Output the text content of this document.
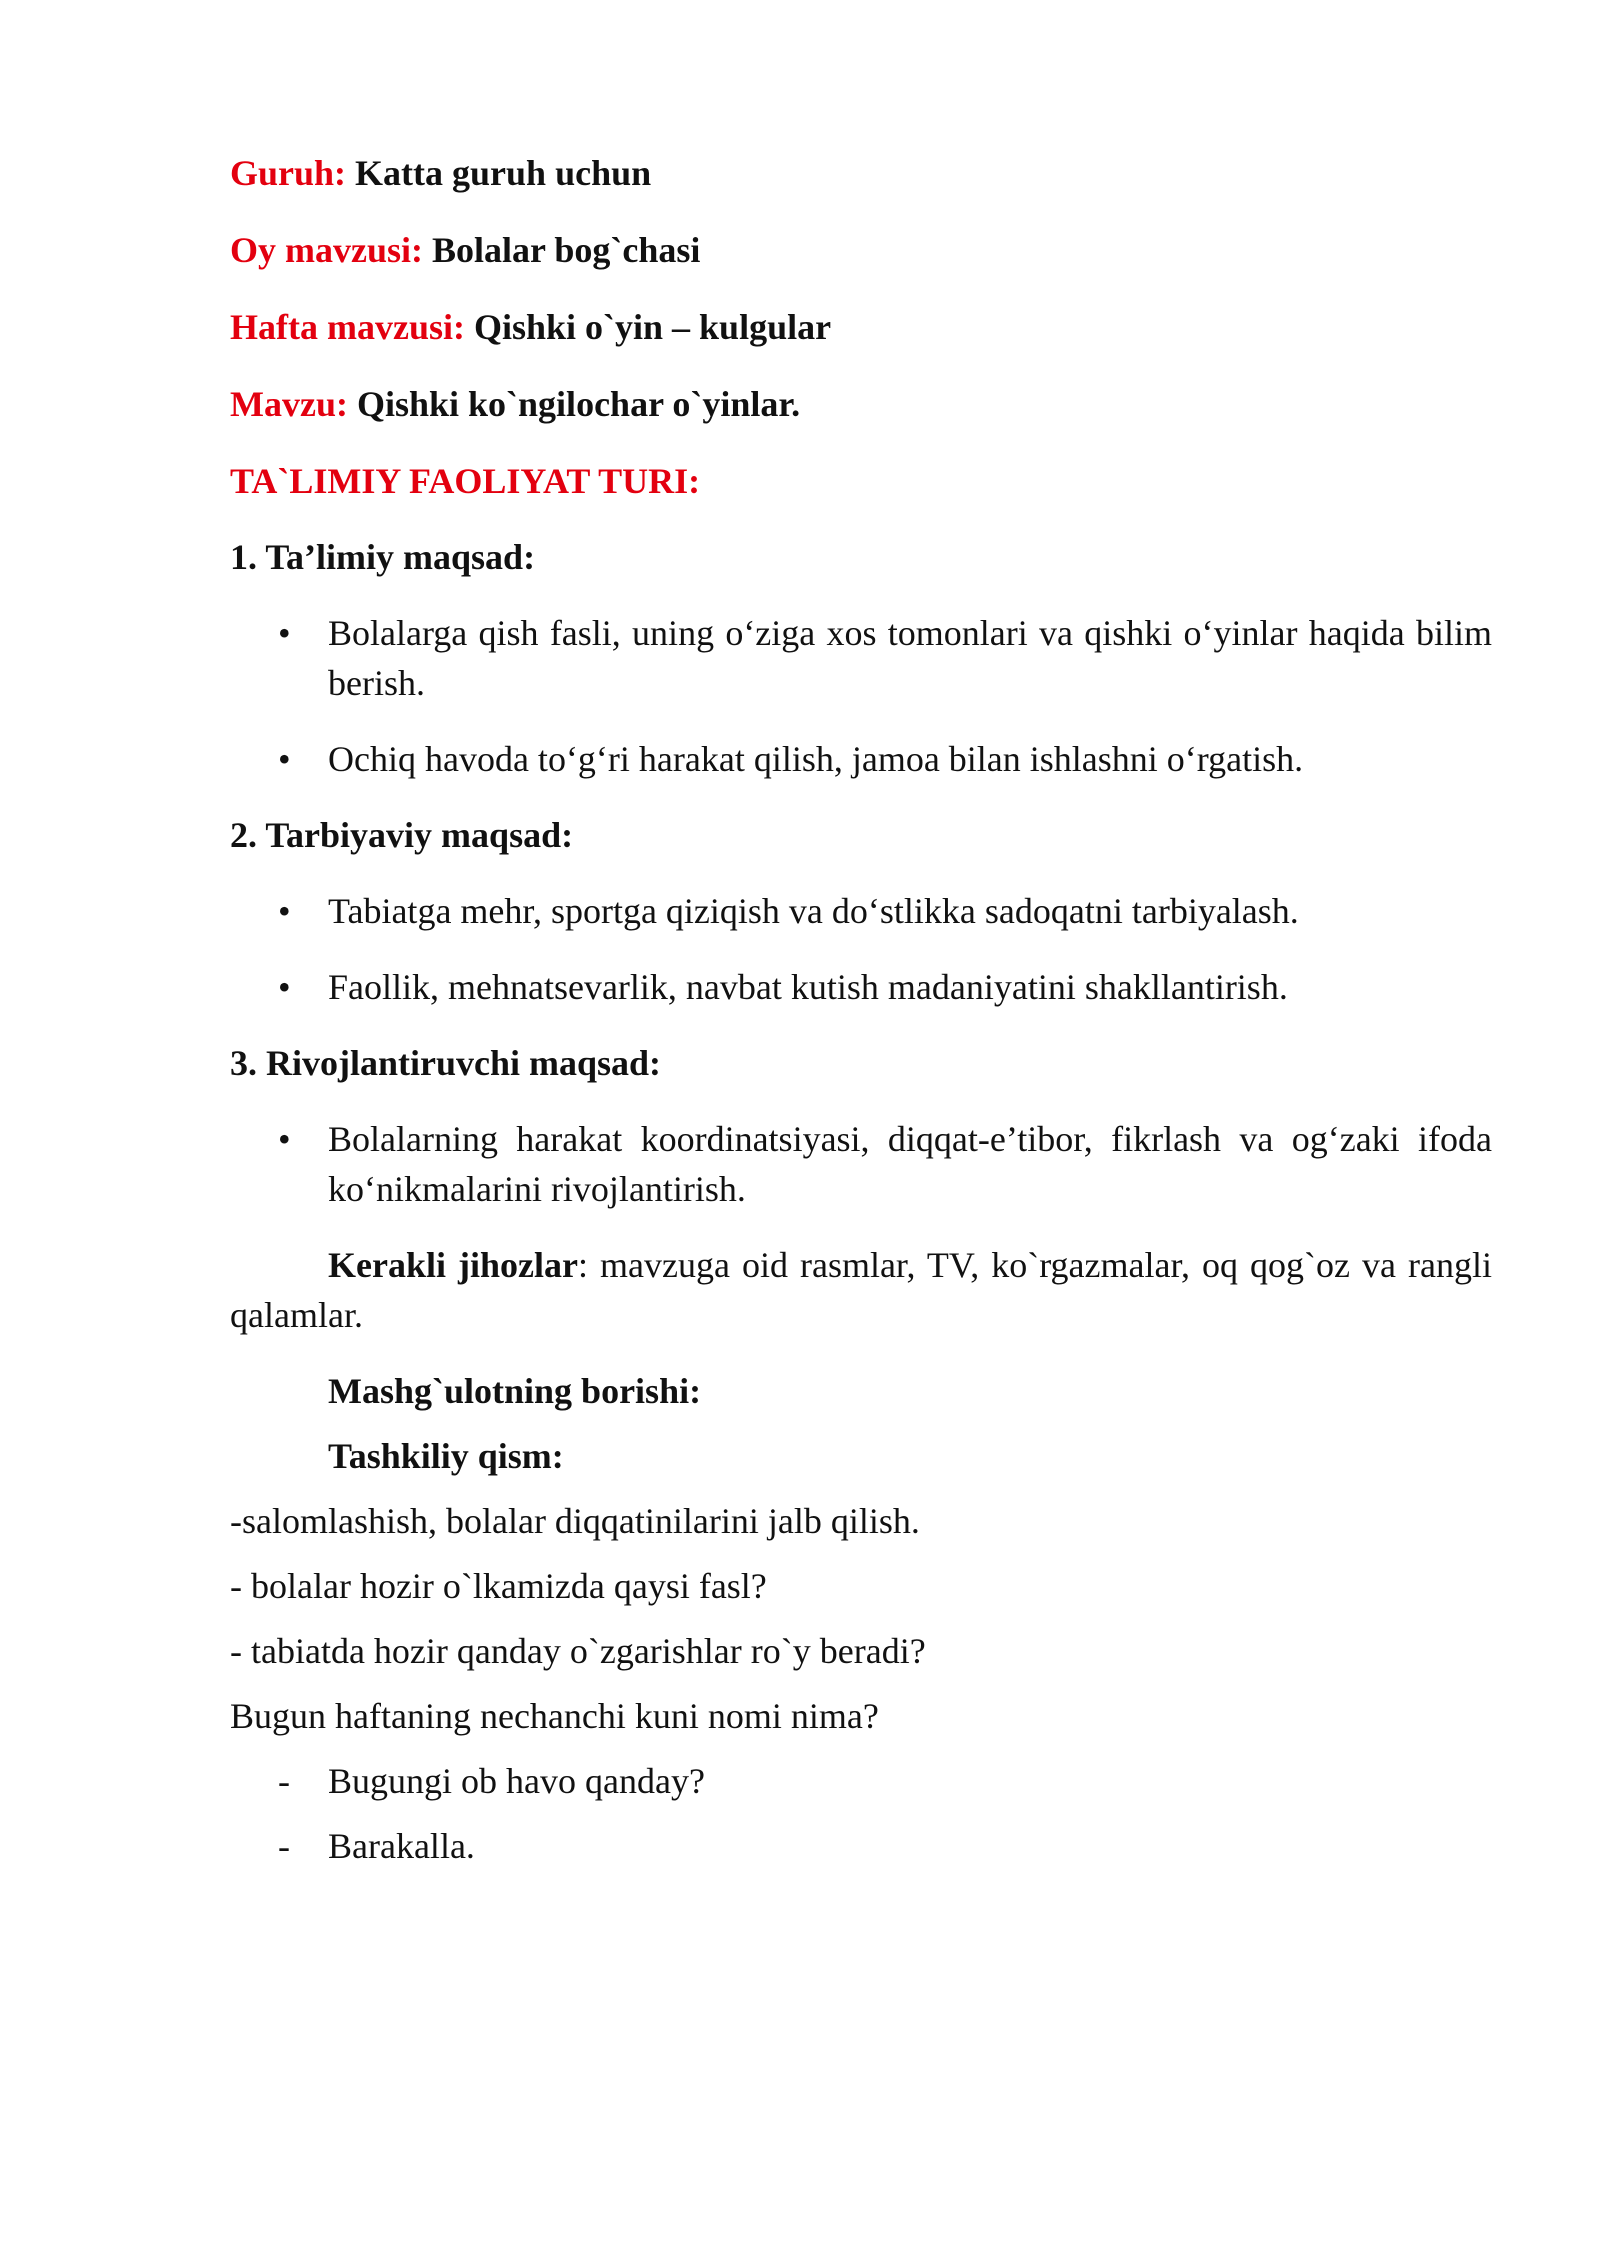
Guruh: Katta guruh uchun

Oy mavzusi: Bolalar bog`chasi

Hafta mavzusi: Qishki o`yin – kulgular

Mavzu: Qishki ko`ngilochar o`yinlar.

TA`LIMIY FAOLIYAT TURI:

1. Ta’limiy maqsad:

• Bolalarga qish fasli, uning o‘ziga xos tomonlari va qishki o‘yinlar haqida bilim berish.
• Ochiq havoda to‘g‘ri harakat qilish, jamoa bilan ishlashni o‘rgatish.

2. Tarbiyaviy maqsad:

• Tabiatga mehr, sportga qiziqish va do‘stlikka sadoqatni tarbiyalash.
• Faollik, mehnatsevarlik, navbat kutish madaniyatini shakllantirish.

3. Rivojlantiruvchi maqsad:

• Bolalarning harakat koordinatsiyasi, diqqat-e’tibor, fikrlash va og‘zaki ifoda ko‘nikmalarini rivojlantirish.

Kerakli jihozlar: mavzuga oid rasmlar, TV, ko`rgazmalar, oq qog`oz va rangli qalamlar.

Mashg`ulotning borishi:

Tashkiliy qism:

-salomlashish, bolalar diqqatinilarini jalb qilish.

- bolalar hozir o`lkamizda qaysi fasl?

- tabiatda hozir qanday o`zgarishlar ro`y beradi?

Bugun haftaning nechanchi kuni nomi nima?

- Bugungi ob havo qanday?
- Barakalla.
